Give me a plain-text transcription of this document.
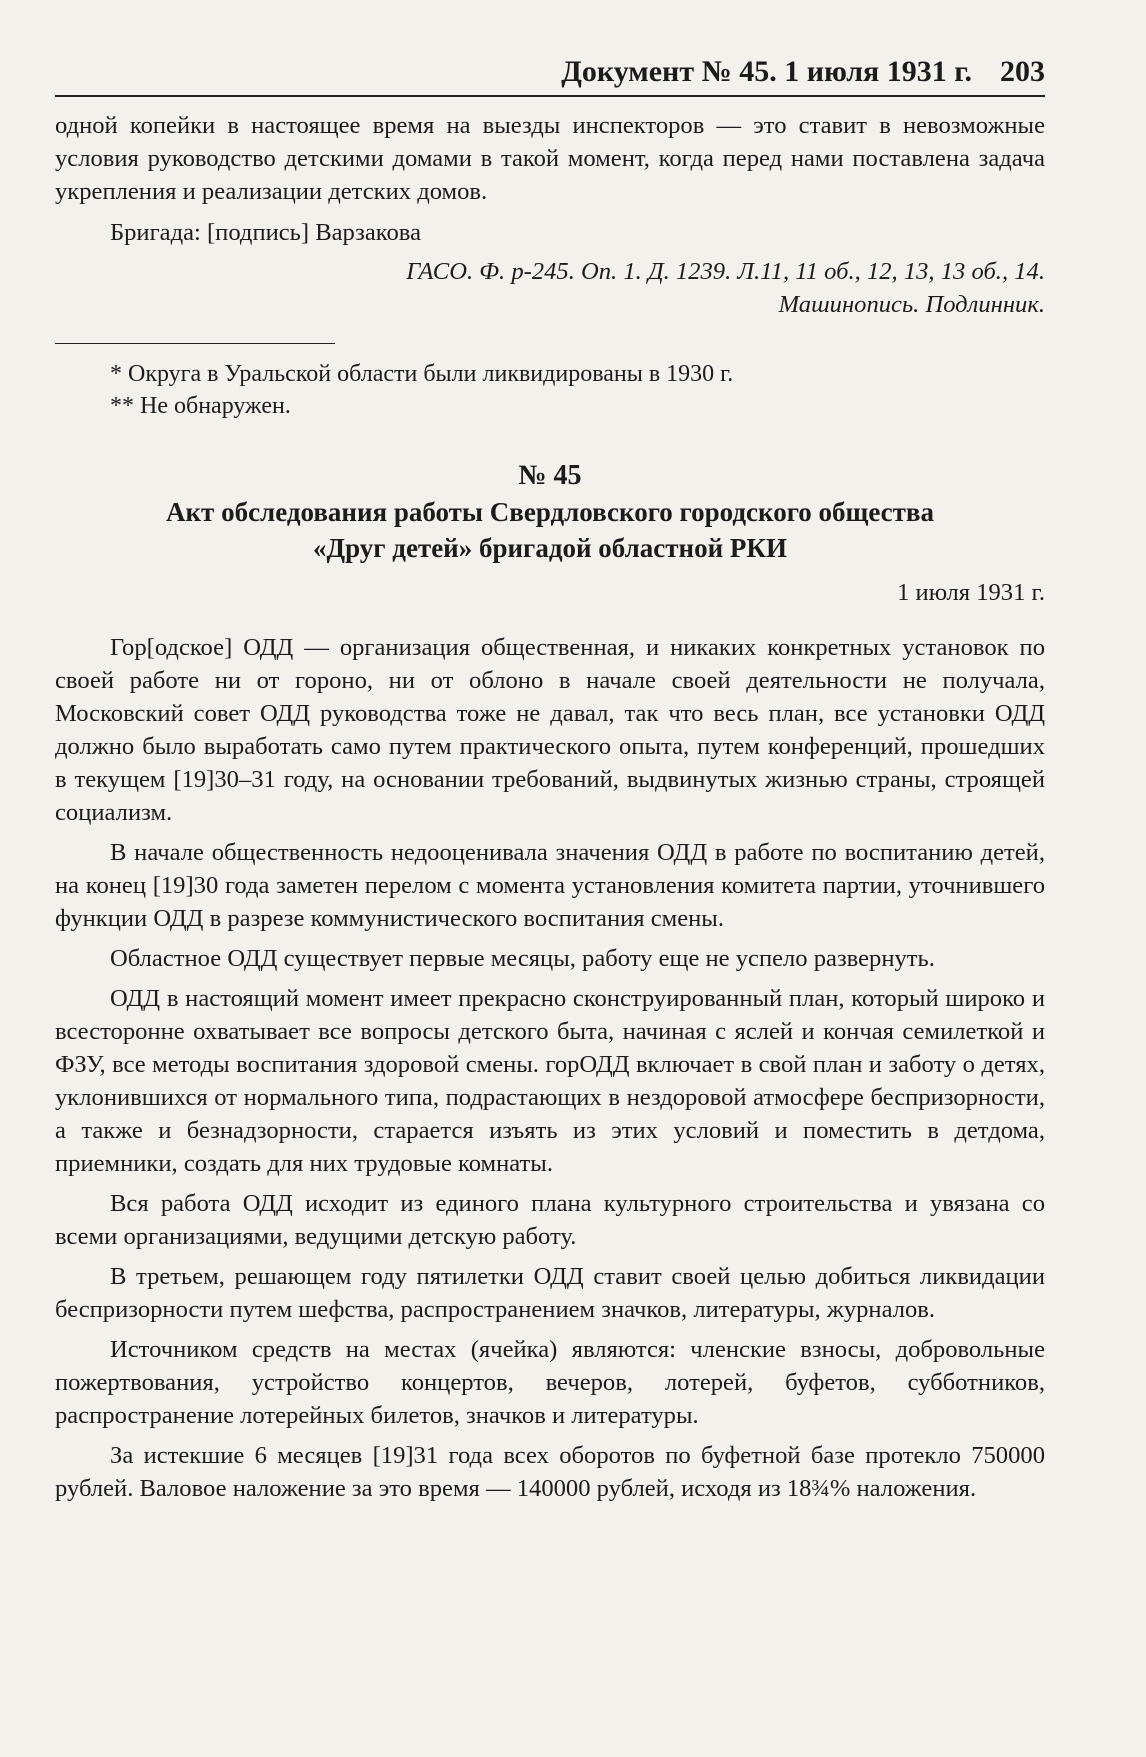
Документ № 45. 1 июля 1931 г. 203

одной копейки в настоящее время на выезды инспекторов — это ставит в невозможные условия руководство детскими домами в такой момент, когда перед нами поставлена задача укрепления и реализации детских домов.

Бригада: [подпись] Варзакова

ГАСО. Ф. р-245. Оп. 1. Д. 1239. Л.11, 11 об., 12, 13, 13 об., 14.

Машинопись. Подлинник.

* Округа в Уральской области были ликвидированы в 1930 г.

** Не обнаружен.

№ 45
Акт обследования работы Свердловского городского общества
«Друг детей» бригадой областной РКИ

1 июля 1931 г.

Гор[одское] ОДД — организация общественная, и никаких конкретных установок по своей работе ни от гороно, ни от облоно в начале своей деятельности не получала, Московский совет ОДД руководства тоже не давал, так что весь план, все установки ОДД должно было выработать само путем практического опыта, путем конференций, прошедших в текущем [19]30–31 году, на основании требований, выдвинутых жизнью страны, строящей социализм.

В начале общественность недооценивала значения ОДД в работе по воспитанию детей, на конец [19]30 года заметен перелом с момента установления комитета партии, уточнившего функции ОДД в разрезе коммунистического воспитания смены.

Областное ОДД существует первые месяцы, работу еще не успело развернуть.

ОДД в настоящий момент имеет прекрасно сконструированный план, который широко и всесторонне охватывает все вопросы детского быта, начиная с яслей и кончая семилеткой и ФЗУ, все методы воспитания здоровой смены. горОДД включает в свой план и заботу о детях, уклонившихся от нормального типа, подрастающих в нездоровой атмосфере беспризорности, а также и безнадзорности, старается изъять из этих условий и поместить в детдома, приемники, создать для них трудовые комнаты.

Вся работа ОДД исходит из единого плана культурного строительства и увязана со всеми организациями, ведущими детскую работу.

В третьем, решающем году пятилетки ОДД ставит своей целью добиться ликвидации беспризорности путем шефства, распространением значков, литературы, журналов.

Источником средств на местах (ячейка) являются: членские взносы, добровольные пожертвования, устройство концертов, вечеров, лотерей, буфетов, субботников, распространение лотерейных билетов, значков и литературы.

За истекшие 6 месяцев [19]31 года всех оборотов по буфетной базе протекло 750000 рублей. Валовое наложение за это время — 140000 рублей, исходя из 18¾% наложения.
